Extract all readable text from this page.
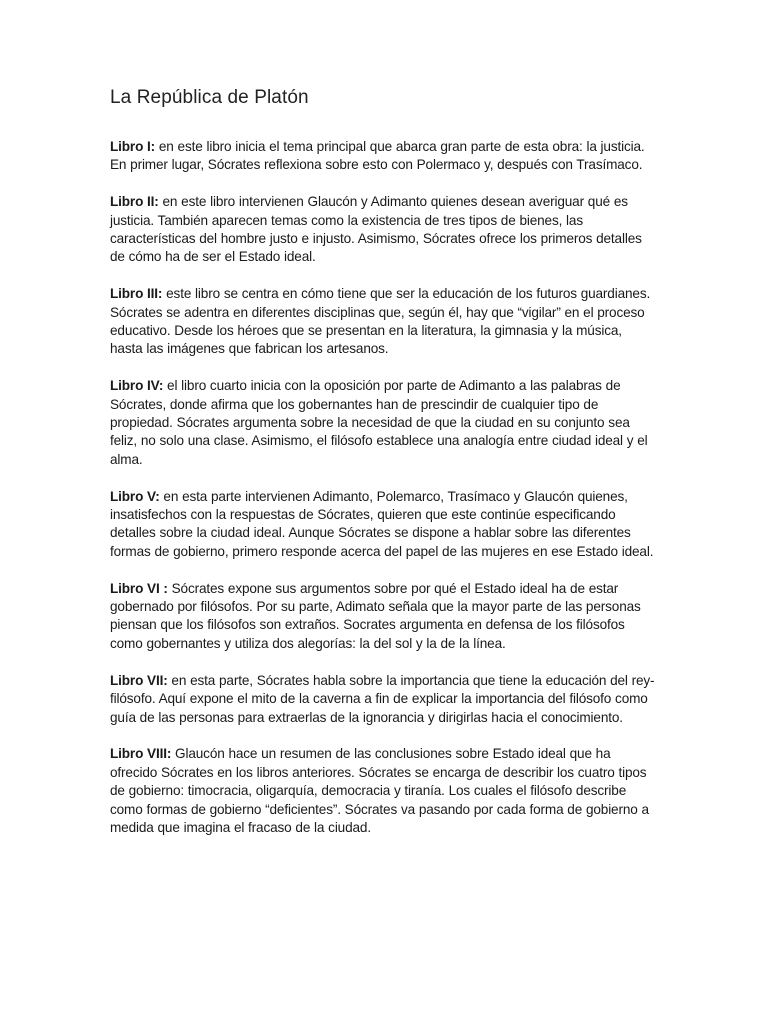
La República de Platón

Libro I: en este libro inicia el tema principal que abarca gran parte de esta obra: la justicia. En primer lugar, Sócrates reflexiona sobre esto con Polermaco y, después con Trasímaco.

Libro II: en este libro intervienen Glaucón y Adimanto quienes desean averiguar qué es justicia. También aparecen temas como la existencia de tres tipos de bienes, las características del hombre justo e injusto. Asimismo, Sócrates ofrece los primeros detalles de cómo ha de ser el Estado ideal.

Libro III: este libro se centra en cómo tiene que ser la educación de los futuros guardianes. Sócrates se adentra en diferentes disciplinas que, según él, hay que “vigilar” en el proceso educativo. Desde los héroes que se presentan en la literatura, la gimnasia y la música, hasta las imágenes que fabrican los artesanos.

Libro IV: el libro cuarto inicia con la oposición por parte de Adimanto a las palabras de Sócrates, donde afirma que los gobernantes han de prescindir de cualquier tipo de propiedad. Sócrates argumenta sobre la necesidad de que la ciudad en su conjunto sea feliz, no solo una clase. Asimismo, el filósofo establece una analogía entre ciudad ideal y el alma.

Libro V: en esta parte intervienen Adimanto, Polemarco, Trasímaco y Glaucón quienes, insatisfechos con la respuestas de Sócrates, quieren que este continúe especificando detalles sobre la ciudad ideal. Aunque Sócrates se dispone a hablar sobre las diferentes formas de gobierno, primero responde acerca del papel de las mujeres en ese Estado ideal.

Libro VI : Sócrates expone sus argumentos sobre por qué el Estado ideal ha de estar gobernado por filósofos. Por su parte, Adimato señala que la mayor parte de las personas piensan que los filósofos son extraños. Socrates argumenta en defensa de los filósofos como gobernantes y utiliza dos alegorías: la del sol y la de la línea.

Libro VII: en esta parte, Sócrates habla sobre la importancia que tiene la educación del rey-filósofo. Aquí expone el mito de la caverna a fin de explicar la importancia del filósofo como guía de las personas para extraerlas de la ignorancia y dirigirlas hacia el conocimiento.

Libro VIII: Glaucón hace un resumen de las conclusiones sobre Estado ideal que ha ofrecido Sócrates en los libros anteriores. Sócrates se encarga de describir los cuatro tipos de gobierno: timocracia, oligarquía, democracia y tiranía. Los cuales el filósofo describe como formas de gobierno “deficientes”. Sócrates va pasando por cada forma de gobierno a medida que imagina el fracaso de la ciudad.
